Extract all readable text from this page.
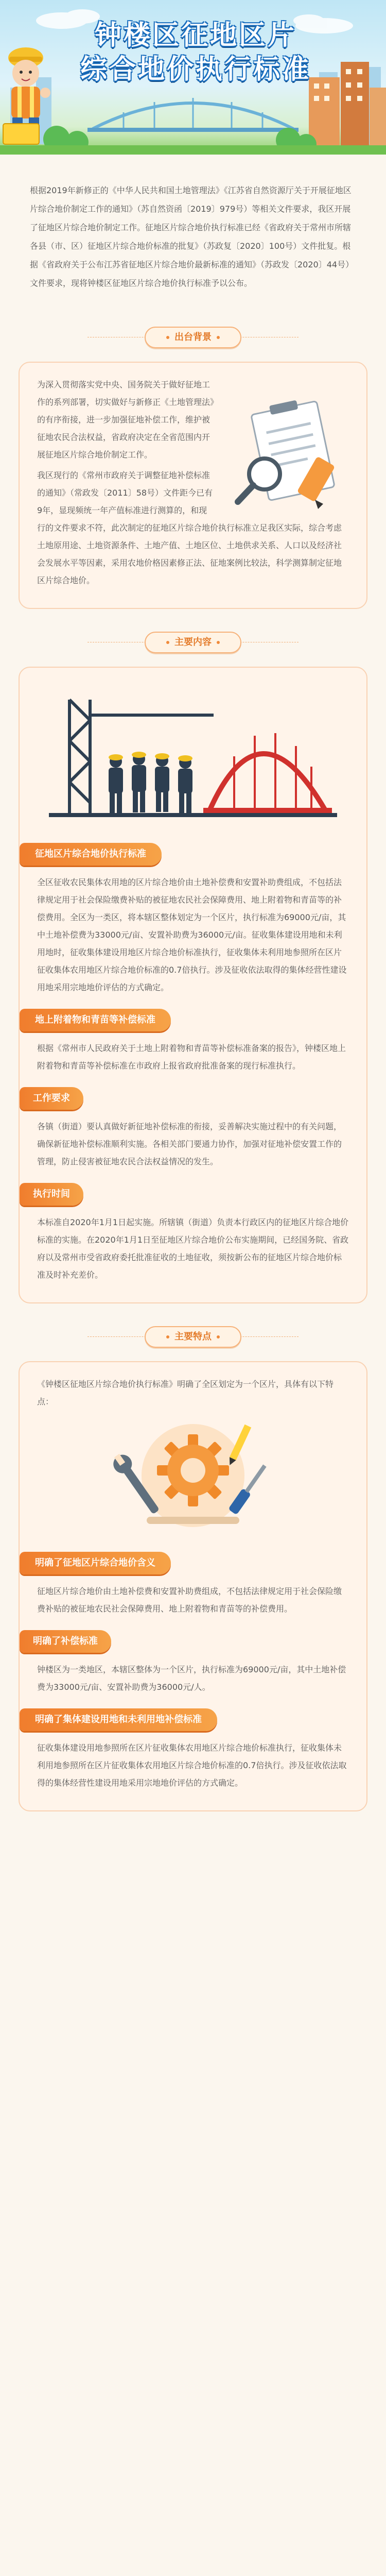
钟楼区征地区片
综合地价执行标准
根据2019年新修正的《中华人民共和国土地管理法》《江苏省自然资源厅关于开展征地区片综合地价制定工作的通知》（苏自然资函〔2019〕979号）等相关文件要求，我区开展了征地区片综合地价制定工作。征地区片综合地价执行标准已经《省政府关于常州市所辖各县（市、区）征地区片综合地价标准的批复》（苏政复〔2020〕100号）文件批复。根据《省政府关于公布江苏省征地区片综合地价最新标准的通知》（苏政发〔2020〕44号）文件要求，现将钟楼区征地区片综合地价执行标准予以公布。
出台背景

为深入贯彻落实党中央、国务院关于做好征地工作的系列部署，切实做好与新修正《土地管理法》的有序衔接，进一步加强征地补偿工作，维护被征地农民合法权益，省政府决定在全省范围内开展征地区片综合地价制定工作。

我区现行的《常州市政府关于调整征地补偿标准的通知》（常政发〔2011〕58号）文件距今已有9年，显现频统一年产值标准进行测算的，和现行的文件要求不符，此次制定的征地区片综合地价执行标准立足我区实际，综合考虑土地原用途、土地资源条件、土地产值、土地区位、土地供求关系、人口以及经济社会发展水平等因素，采用农地价格因素修正法、征地案例比较法，科学测算制定征地区片综合地价。

主要内容
征地区片综合地价执行标准

全区征收农民集体农用地的区片综合地价由土地补偿费和安置补助费组成，不包括法律规定用于社会保险缴费补贴的被征地农民社会保障费用、地上附着物和青苗等的补偿费用。全区为一类区，将本辖区整体划定为一个区片，执行标准为69000元/亩，其中土地补偿费为33000元/亩、安置补助费为36000元/亩。征收集体建设用地和未利用地时，征收集体建设用地区片综合地价标准执行，征收集体未利用地参照所在区片征收集体农用地区片综合地价标准的0.7倍执行。涉及征收依法取得的集体经营性建设用地采用宗地地价评估的方式确定。

地上附着物和青苗等补偿标准

根据《常州市人民政府关于土地上附着物和青苗等补偿标准备案的报告》，钟楼区地上附着物和青苗等补偿标准在市政府上报省政府批准备案的现行标准执行。

工作要求

各镇（街道）要认真做好新征地补偿标准的衔接，妥善解决实施过程中的有关问题，确保新征地补偿标准顺利实施。各相关部门要通力协作，加强对征地补偿安置工作的管理，防止侵害被征地农民合法权益情况的发生。

执行时间

本标准自2020年1月1日起实施。所辖镇（街道）负责本行政区内的征地区片综合地价标准的实施。在2020年1月1日至征地区片综合地价公布实施期间，已经国务院、省政府以及常州市受省政府委托批准征收的土地征收，须按新公布的征地区片综合地价标准及时补充差价。

主要特点

《钟楼区征地区片综合地价执行标准》明确了全区划定为一个区片，具体有以下特点：

明确了征地区片综合地价含义

征地区片综合地价由土地补偿费和安置补助费组成，不包括法律规定用于社会保险缴费补贴的被征地农民社会保障费用、地上附着物和青苗等的补偿费用。

明确了补偿标准

钟楼区为一类地区，本辖区整体为一个区片，执行标准为69000元/亩，其中土地补偿费为33000元/亩、安置补助费为36000元/人。

明确了集体建设用地和未利用地补偿标准

征收集体建设用地参照所在区片征收集体农用地区片综合地价标准执行，征收集体未利用地参照所在区片征收集体农用地区片综合地价标准的0.7倍执行。涉及征收依法取得的集体经营性建设用地采用宗地地价评估的方式确定。
